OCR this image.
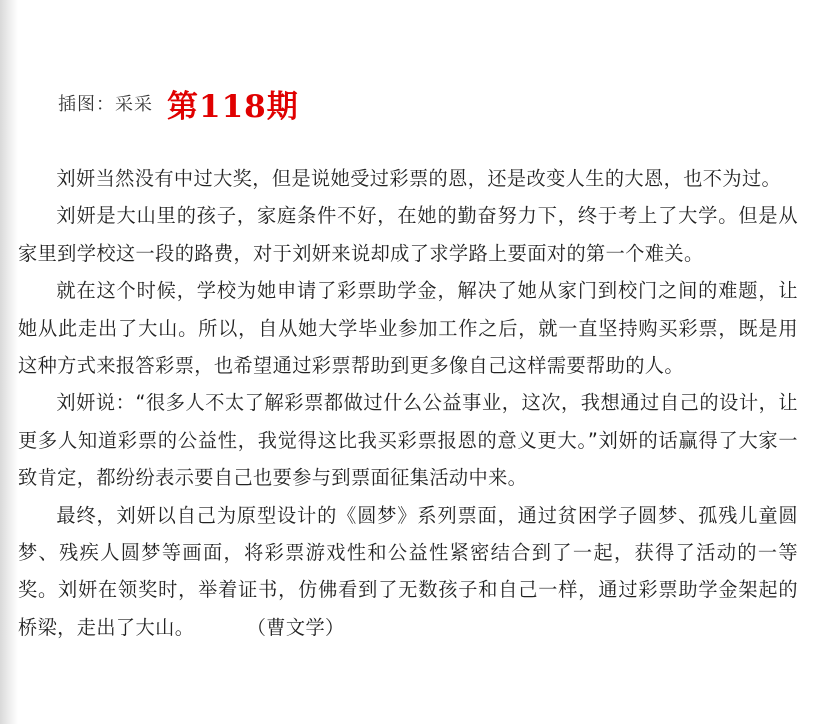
插图：采采 第118期

刘妍当然没有中过大奖，但是说她受过彩票的恩，还是改变人生的大恩，也不为过。

刘妍是大山里的孩子，家庭条件不好，在她的勤奋努力下，终于考上了大学。但是从家里到学校这一段的路费，对于刘妍来说却成了求学路上要面对的第一个难关。

就在这个时候，学校为她申请了彩票助学金，解决了她从家门到校门之间的难题，让她从此走出了大山。所以，自从她大学毕业参加工作之后，就一直坚持购买彩票，既是用这种方式来报答彩票，也希望通过彩票帮助到更多像自己这样需要帮助的人。

刘妍说：“很多人不太了解彩票都做过什么公益事业，这次，我想通过自己的设计，让更多人知道彩票的公益性，我觉得这比我买彩票报恩的意义更大。”刘妍的话赢得了大家一致肯定，都纷纷表示要自己也要参与到票面征集活动中来。

最终，刘妍以自己为原型设计的《圆梦》系列票面，通过贫困学子圆梦、孤残儿童圆梦、残疾人圆梦等画面，将彩票游戏性和公益性紧密结合到了一起，获得了活动的一等奖。刘妍在领奖时，举着证书，仿佛看到了无数孩子和自己一样，通过彩票助学金架起的桥梁，走出了大山。	（曹文学）
